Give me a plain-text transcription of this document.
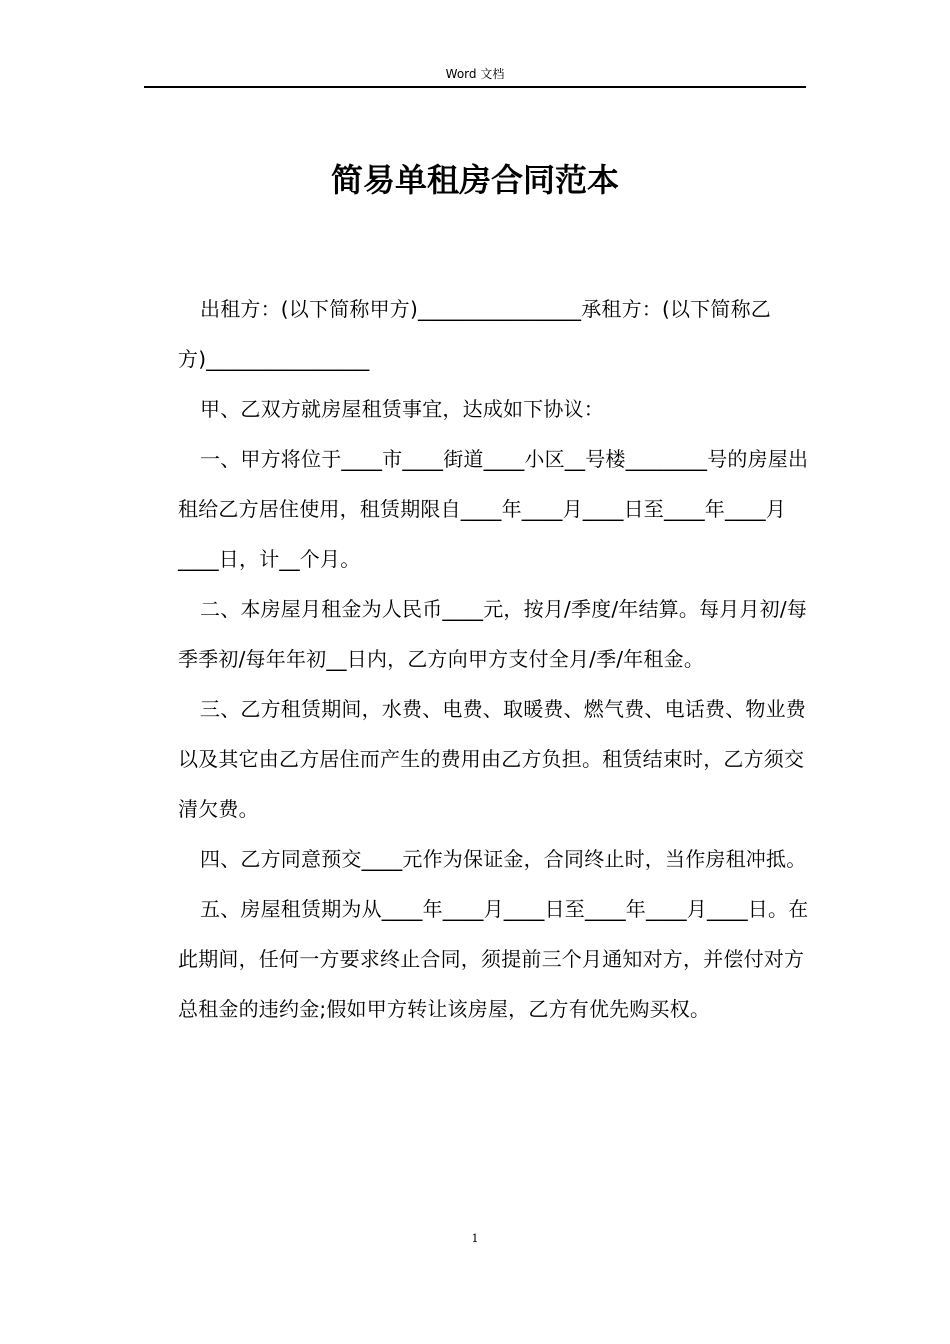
Word 文档
简易单租房合同范本

出租方：(以下简称甲方)________________承租方：(以下简称乙方)________________

甲、乙双方就房屋租赁事宜，达成如下协议：

一、甲方将位于____市____街道____小区__号楼________号的房屋出租给乙方居住使用，租赁期限自____年____月____日至____年____月____日，计__个月。

二、本房屋月租金为人民币____元，按月/季度/年结算。每月月初/每季季初/每年年初__日内，乙方向甲方支付全月/季/年租金。

三、乙方租赁期间，水费、电费、取暖费、燃气费、电话费、物业费以及其它由乙方居住而产生的费用由乙方负担。租赁结束时，乙方须交清欠费。

四、乙方同意预交____元作为保证金，合同终止时，当作房租冲抵。

五、房屋租赁期为从____年____月____日至____年____月____日。在此期间，任何一方要求终止合同，须提前三个月通知对方，并偿付对方总租金的违约金;假如甲方转让该房屋，乙方有优先购买权。

1
